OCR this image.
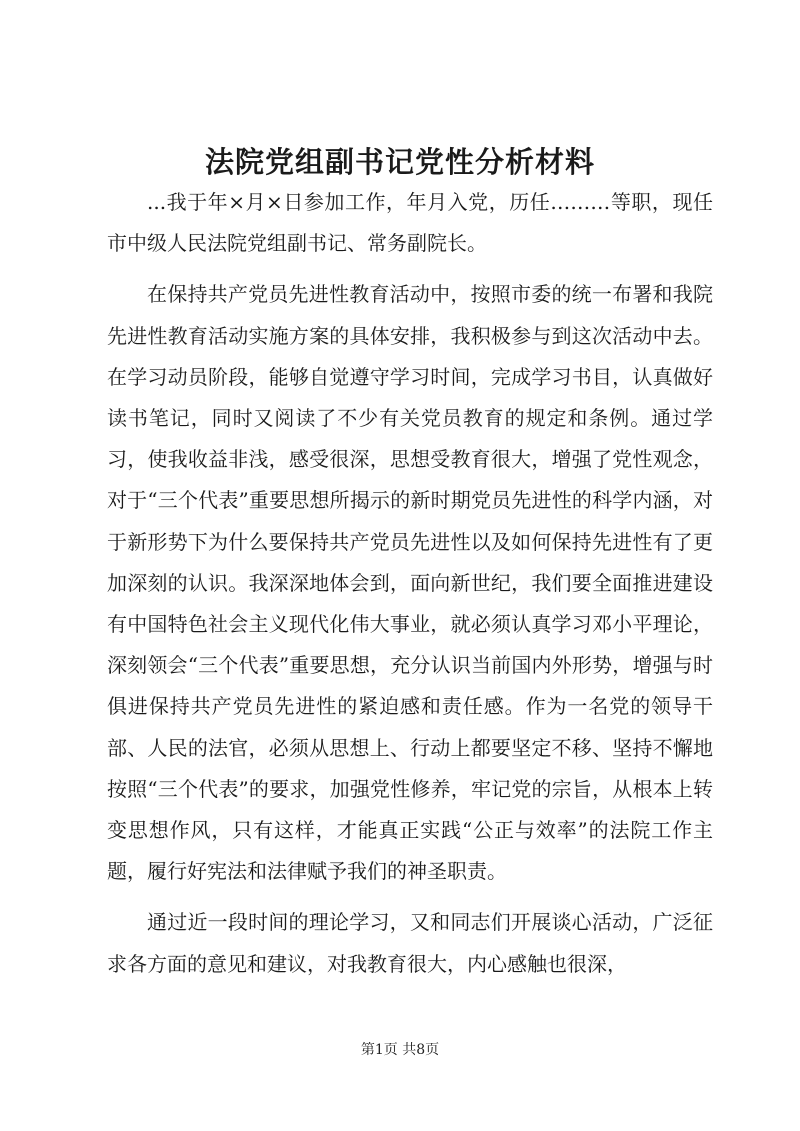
法院党组副书记党性分析材料

...我于年×月×日参加工作，年月入党，历任………等职，现任市中级人民法院党组副书记、常务副院长。

在保持共产党员先进性教育活动中，按照市委的统一布署和我院先进性教育活动实施方案的具体安排，我积极参与到这次活动中去。在学习动员阶段，能够自觉遵守学习时间，完成学习书目，认真做好读书笔记，同时又阅读了不少有关党员教育的规定和条例。通过学习，使我收益非浅，感受很深，思想受教育很大，增强了党性观念，对于“三个代表”重要思想所揭示的新时期党员先进性的科学内涵，对于新形势下为什么要保持共产党员先进性以及如何保持先进性有了更加深刻的认识。我深深地体会到，面向新世纪，我们要全面推进建设有中国特色社会主义现代化伟大事业，就必须认真学习邓小平理论，深刻领会“三个代表”重要思想，充分认识当前国内外形势，增强与时俱进保持共产党员先进性的紧迫感和责任感。作为一名党的领导干部、人民的法官，必须从思想上、行动上都要坚定不移、坚持不懈地按照“三个代表”的要求，加强党性修养，牢记党的宗旨，从根本上转变思想作风，只有这样，才能真正实践“公正与效率”的法院工作主题，履行好宪法和法律赋予我们的神圣职责。

通过近一段时间的理论学习，又和同志们开展谈心活动，广泛征求各方面的意见和建议，对我教育很大，内心感触也很深，

第1页 共8页
